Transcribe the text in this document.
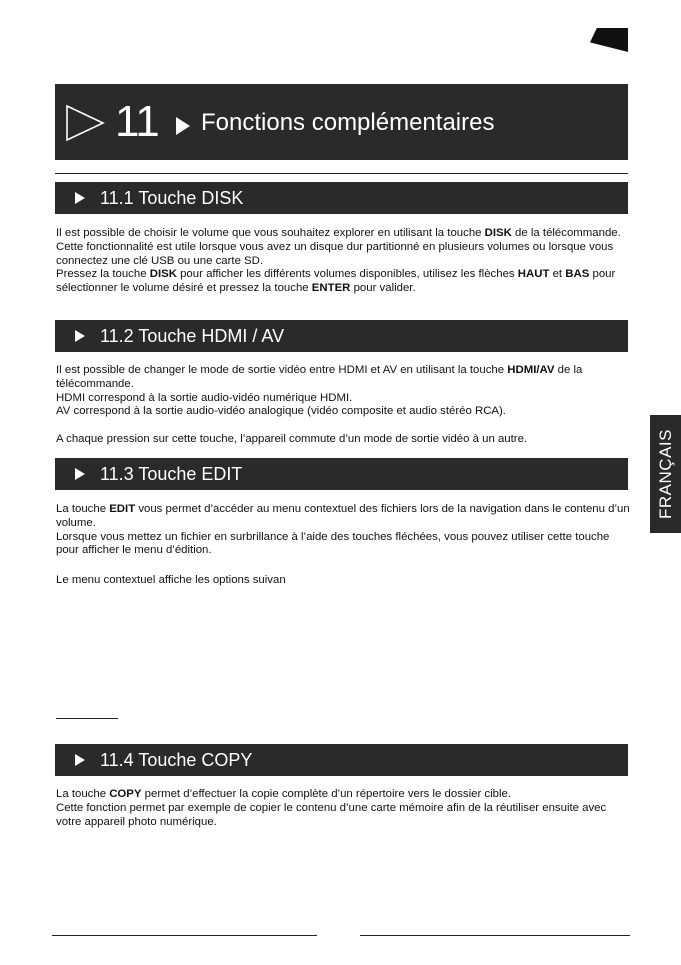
11 Fonctions complémentaires
11.1 Touche DISK

Il est possible de choisir le volume que vous souhaitez explorer en utilisant la touche DISK de la télécommande.
Cette fonctionnalité est utile lorsque vous avez un disque dur partitionné en plusieurs volumes ou lorsque vous connectez une clé USB ou une carte SD.
Pressez la touche DISK pour afficher les différents volumes disponibles, utilisez les flèches HAUT et BAS pour sélectionner le volume désiré et pressez la touche ENTER pour valider.

11.2 Touche HDMI / AV

Il est possible de changer le mode de sortie vidéo entre HDMI et AV en utilisant la touche HDMI/AV de la télécommande.
HDMI correspond à la sortie audio-vidéo numérique HDMI.
AV correspond à la sortie audio-vidéo analogique (vidéo composite et audio stéréo RCA).

A chaque pression sur cette touche, l’appareil commute d’un mode de sortie vidéo à un autre.

11.3 Touche EDIT

La touche EDIT vous permet d’accéder au menu contextuel des fichiers lors de la navigation dans le contenu d’un volume.
Lorsque vous mettez un fichier en surbrillance à l’aide des touches fléchées, vous pouvez utiliser cette touche pour afficher le menu d’édition.

Le menu contextuel affiche les options suivan

11.4 Touche COPY

La touche COPY permet d’effectuer la copie complète d’un répertoire vers le dossier cible.
Cette fonction permet par exemple de copier le contenu d’une carte mémoire afin de la réutiliser ensuite avec votre appareil photo numérique.

FRANÇAIS
